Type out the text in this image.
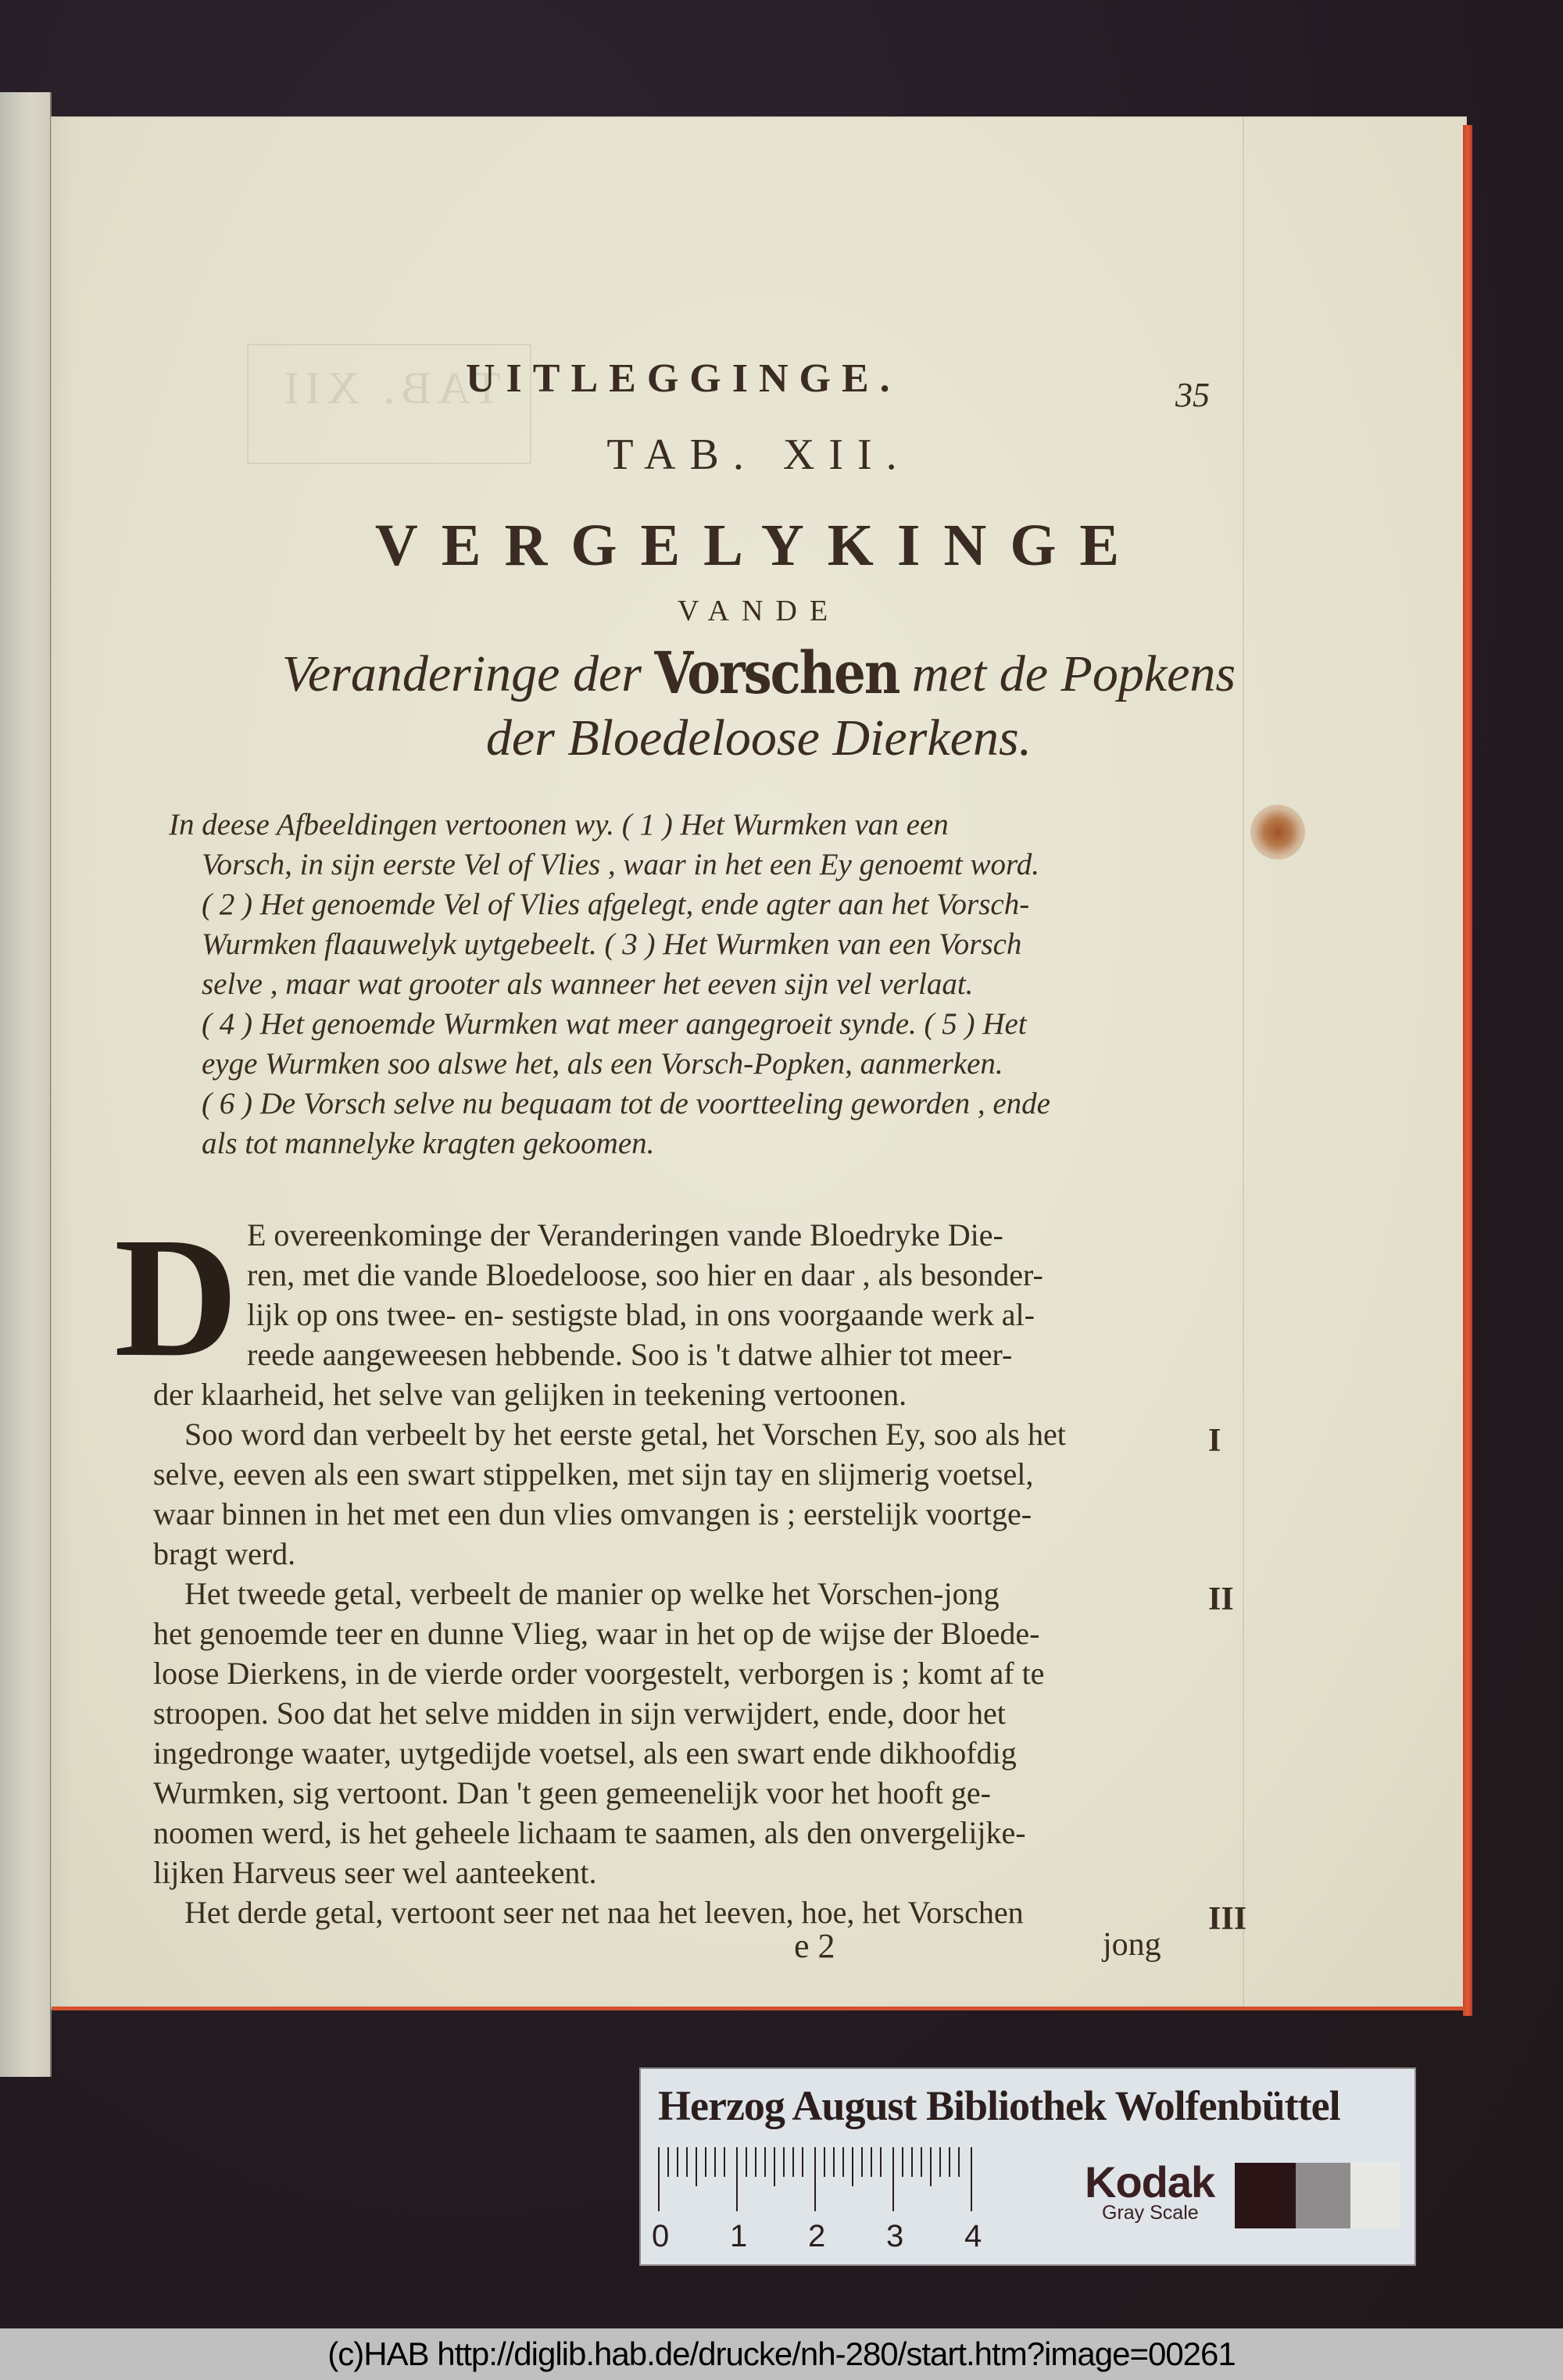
TAB. XII
UITLEGGINGE.	35
TAB. XII.
VERGELYKINGE
VANDE
Veranderinge der Vorschen met de Popkens
der Bloedeloose Dierkens.
In deese Afbeeldingen vertoonen wy. ( 1 ) Het Wurmken van een
Vorsch, in sijn eerste Vel of Vlies , waar in het een Ey genoemt word.
( 2 ) Het genoemde Vel of Vlies afgelegt, ende agter aan het Vorsch-
Wurmken flaauwelyk uytgebeelt. ( 3 ) Het Wurmken van een Vorsch
selve , maar wat grooter als wanneer het eeven sijn vel verlaat.
( 4 ) Het genoemde Wurmken wat meer aangegroeit synde. ( 5 ) Het
eyge Wurmken soo alswe het, als een Vorsch-Popken, aanmerken.
( 6 ) De Vorsch selve nu bequaam tot de voortteeling geworden , ende
als tot mannelyke kragten gekoomen.
D E overeenkominge der Veranderingen vande Bloedryke Die-
ren, met die vande Bloedeloose, soo hier en daar , als besonder-
lijk op ons twee- en- sestigste blad, in ons voorgaande werk al-
reede aangeweesen hebbende. Soo is 't datwe alhier tot meer-
der klaarheid, het selve van gelijken in teekening vertoonen.
Soo word dan verbeelt by het eerste getal, het Vorschen Ey, soo als het
selve, eeven als een swart stippelken, met sijn tay en slijmerig voetsel,
waar binnen in het met een dun vlies omvangen is ; eerstelijk voortge-
bragt werd.
Het tweede getal, verbeelt de manier op welke het Vorschen-jong
het genoemde teer en dunne Vlieg, waar in het op de wijse der Bloede-
loose Dierkens, in de vierde order voorgestelt, verborgen is ; komt af te
stroopen. Soo dat het selve midden in sijn verwijdert, ende, door het
ingedronge waater, uytgedijde voetsel, als een swart ende dikhoofdig
Wurmken, sig vertoont. Dan 't geen gemeenelijk voor het hooft ge-
noomen werd, is het geheele lichaam te saamen, als den onvergelijke-
lijken Harveus seer wel aanteekent.
Het derde getal, vertoont seer net naa het leeven, hoe, het Vorschen
I
II
III
e 2	jong
Herzog August Bibliothek Wolfenbüttel
0 1 2 3 4
Kodak
Gray Scale
(c)HAB http://diglib.hab.de/drucke/nh-280/start.htm?image=00261
